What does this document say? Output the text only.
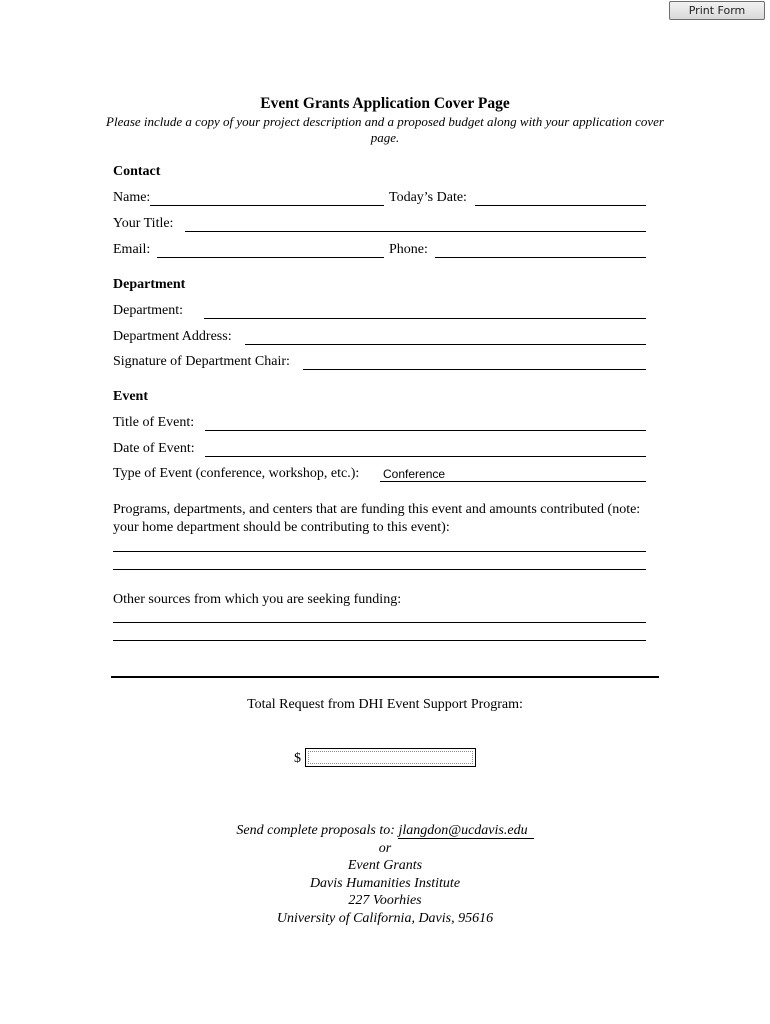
Print Form
Event Grants Application Cover Page
Please include a copy of your project description and a proposed budget along with your application cover page.
Contact
Name:	Today’s Date:
Your Title:
Email:	Phone:
Department
Department:
Department Address:
Signature of Department Chair:
Event
Title of Event:
Date of Event:
Type of Event (conference, workshop, etc.): Conference
Programs, departments, and centers that are funding this event and amounts contributed (note: your home department should be contributing to this event):
Other sources from which you are seeking funding:
Total Request from DHI Event Support Program:
$
Send complete proposals to: jlangdon@ucdavis.edu
or
Event Grants
Davis Humanities Institute
227 Voorhies
University of California, Davis, 95616
